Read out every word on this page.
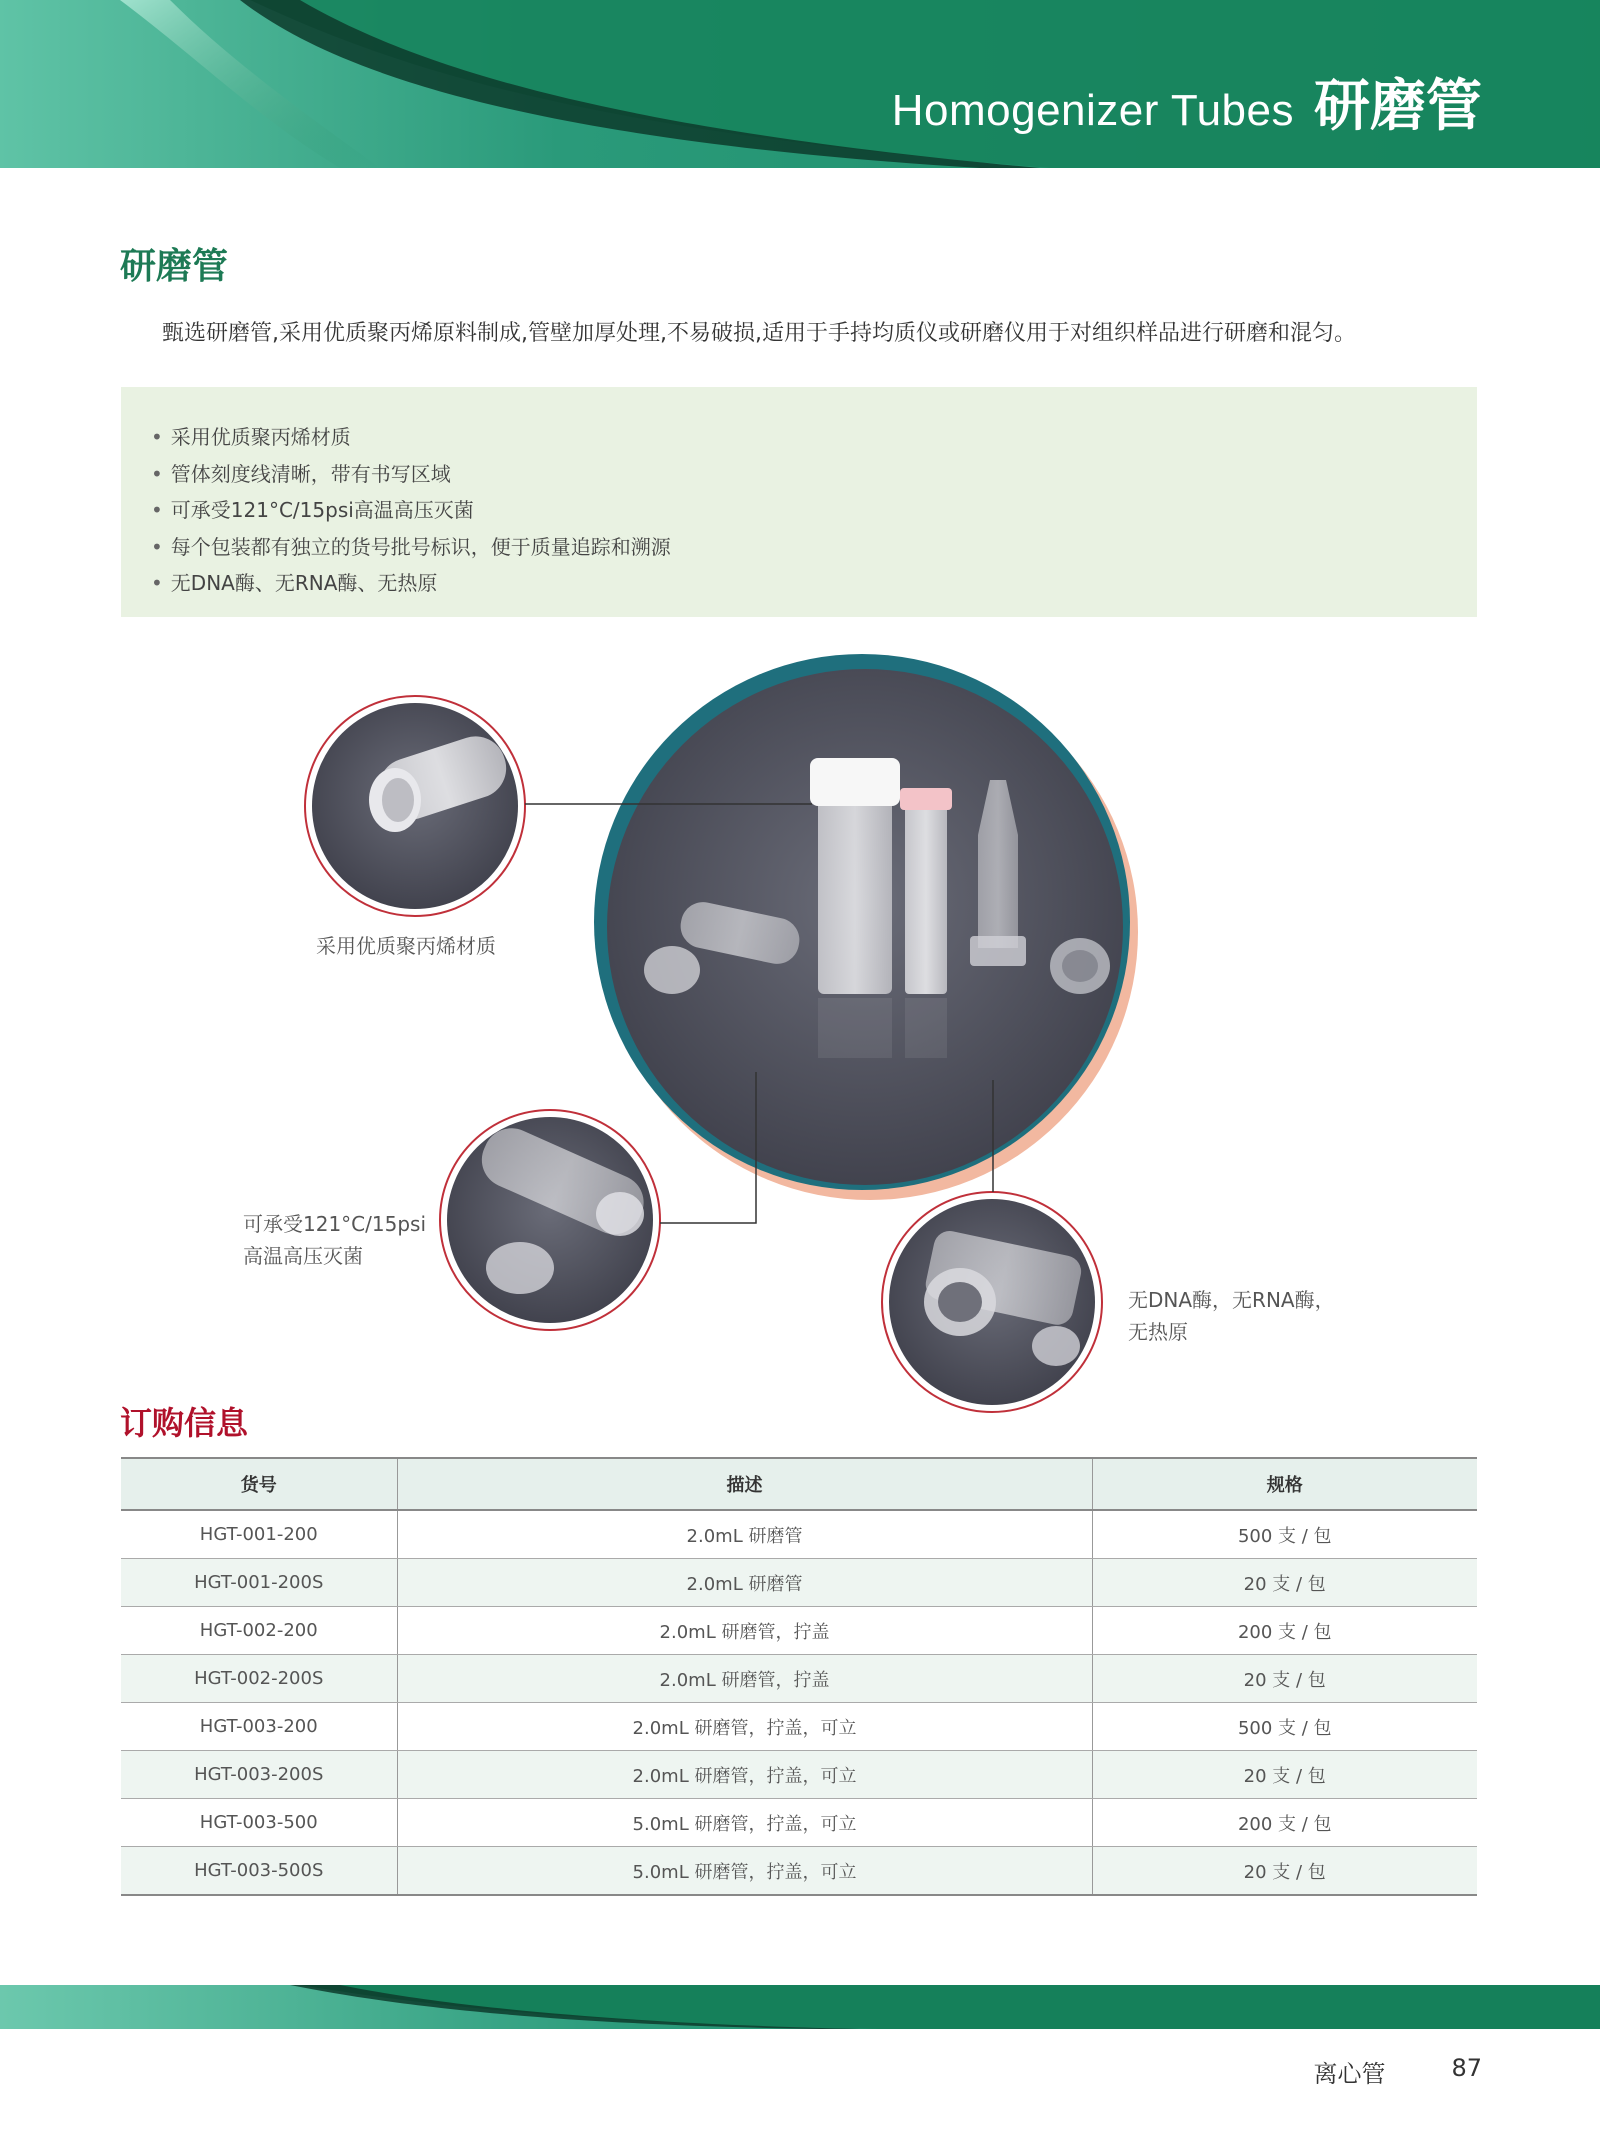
Homogenizer Tubes 研磨管
研磨管
甄选研磨管,采用优质聚丙烯原料制成,管壁加厚处理,不易破损,适用于手持均质仪或研磨仪用于对组织样品进行研磨和混匀。
• 采用优质聚丙烯材质
• 管体刻度线清晰，带有书写区域
• 可承受121°C/15psi高温高压灭菌
• 每个包装都有独立的货号批号标识，便于质量追踪和溯源
• 无DNA酶、无RNA酶、无热原
采用优质聚丙烯材质
可承受121°C/15psi
高温高压灭菌
无DNA酶，无RNA酶，
无热原
订购信息
货号	描述	规格
HGT-001-200	2.0mL 研磨管	500 支 / 包
HGT-001-200S	2.0mL 研磨管	20 支 / 包
HGT-002-200	2.0mL 研磨管，拧盖	200 支 / 包
HGT-002-200S	2.0mL 研磨管，拧盖	20 支 / 包
HGT-003-200	2.0mL 研磨管，拧盖，可立	500 支 / 包
HGT-003-200S	2.0mL 研磨管，拧盖，可立	20 支 / 包
HGT-003-500	5.0mL 研磨管，拧盖，可立	200 支 / 包
HGT-003-500S	5.0mL 研磨管，拧盖，可立	20 支 / 包
离心管	87
